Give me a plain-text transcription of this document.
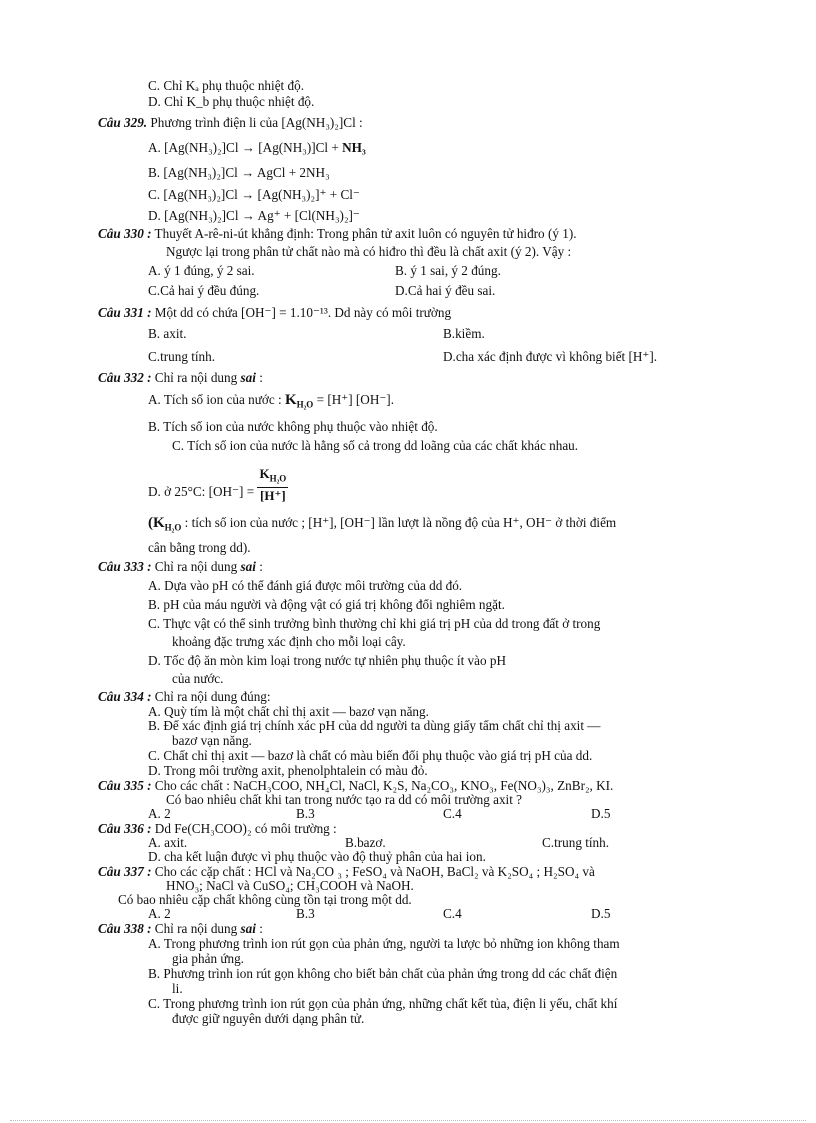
C. Chỉ Kₐ phụ thuộc nhiệt độ.
D. Chỉ K_b phụ thuộc nhiệt độ.
Câu 329. Phương trình điện li của [Ag(NH₃)₂]Cl :
A. [Ag(NH₃)₂]Cl → [Ag(NH₃)]Cl + NH₃
B. [Ag(NH₃)₂]Cl → AgCl + 2NH₃
C. [Ag(NH₃)₂]Cl → [Ag(NH₃)₂]⁺ + Cl⁻
D. [Ag(NH₃)₂]Cl → Ag⁺ + [Cl(NH₃)₂]⁻
Câu 330 : Thuyết A-rê-ni-út khẳng định: Trong phân tử axit luôn có nguyên tử hiđro (ý 1).
Ngược lại trong phân tử chất nào mà có hiđro thì đều là chất axit (ý 2). Vậy :
A. ý 1 đúng, ý 2 sai.	B. ý 1 sai, ý 2 đúng.
C.Cả hai ý đều đúng.	D.Cả hai ý đều sai.
Câu 331 : Một dd có chứa [OH⁻] = 1.10⁻¹³. Dd này có môi trường
B. axit.	B.kiềm.
C.trung tính.	D.cha xác định được vì không biết [H⁺].
Câu 332 : Chỉ ra nội dung sai :
A. Tích số ion của nước : $K_{H_2O} = [H^+]$ [OH⁻].
B. Tích số ion của nước không phụ thuộc vào nhiệt độ.
C. Tích số ion của nước là hằng số cả trong dd loãng của các chất khác nhau.
D. ở 25°C: $[OH^-] = \frac{K_{H_2O}}{[H^+]}$
($K_{H_2O}$ : tích số ion của nước ; [H⁺], [OH⁻] lần lượt là nồng độ của H⁺, OH⁻ ở thời điểm
cân bằng trong dd).
Câu 333 : Chỉ ra nội dung sai :
A. Dựa vào pH có thể đánh giá được môi trường của dd đó.
B. pH của máu người và động vật có giá trị không đổi nghiêm ngặt.
C. Thực vật có thể sinh trưởng bình thường chỉ khi giá trị pH của dd trong đất ở trong
khoảng đặc trưng xác định cho mỗi loại cây.
D. Tốc độ ăn mòn kim loại trong nước tự nhiên phụ thuộc ít vào pH
của nước.
Câu 334 : Chỉ ra nội dung đúng:
A. Quỳ tím là một chất chỉ thị axit — bazơ vạn năng.
B. Để xác định giá trị chính xác pH của dd người ta dùng giấy tẩm chất chỉ thị axit —
bazơ vạn năng.
C. Chất chỉ thị axit — bazơ là chất có màu biến đổi phụ thuộc vào giá trị pH của dd.
D. Trong môi trường axit, phenolphtalein có màu đỏ.
Câu 335 : Cho các chất : NaCH₃COO, NH₄Cl, NaCl, K₂S, Na₂CO₃, KNO₃, Fe(NO₃)₃, ZnBr₂, KI.
Có bao nhiêu chất khi tan trong nước tạo ra dd có môi trường axit ?
A. 2	B.3	C.4	D.5
Câu 336 : Dd Fe(CH₃COO)₂ có môi trường :
A. axit.	B.bazơ.	C.trung tính.
D. cha kết luận được vì phụ thuộc vào độ thuỷ phân của hai ion.
Câu 337 : Cho các cặp chất : HCl và Na₂CO ₃ ; FeSO₄ và NaOH, BaCl₂ và K₂SO₄ ; H₂SO₄ và
HNO₃; NaCl và CuSO₄; CH₃COOH và NaOH.
Có bao nhiêu cặp chất không cùng tồn tại trong một dd.
A. 2	B.3	C.4	D.5
Câu 338 : Chỉ ra nội dung sai :
A. Trong phương trình ion rút gọn của phản ứng, người ta lược bỏ những ion không tham
gia phản ứng.
B. Phương trình ion rút gọn không cho biết bản chất của phản ứng trong dd các chất điện
li.
C. Trong phương trình ion rút gọn của phản ứng, những chất kết tủa, điện li yếu, chất khí
được giữ nguyên dưới dạng phân tử.
